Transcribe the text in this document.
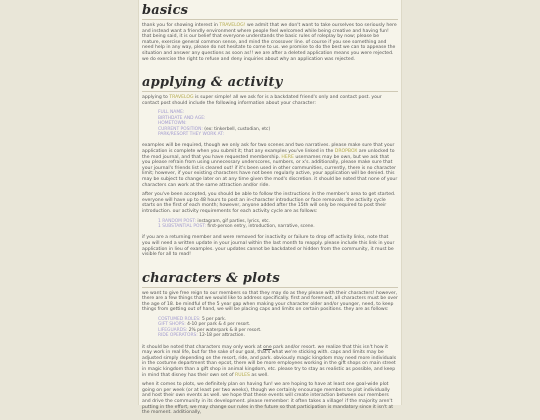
basics

thank you for showing interest in TRAVELOG! we admit that we don't want to take ourselves too seriously here and instead want a friendly environment where people feel welcomed while being creative and having fun! that being said, it is our belief that everyone understands the basic rules of roleplay by now; please be mature, exercise general common sense, and mind the crossover line. of course if you see something and need help in any way, please do not hesitate to come to us. we promise to do the best we can to appease the situation and answer any questions as soon as!! we are after a deleted application means you were rejected. we do exercise the right to refuse and deny inquiries about why an application was rejected.

applying & activity

applying to TRAVELOG is super simple! all we ask for is a backdated friend's only and contact post. your contact post should include the following information about your character:

FULL NAME:
BIRTHDATE AND AGE:
HOMETOWN:
CURRENT POSITION: (ex: tinkerbell, custodian, etc)
PARK/RESORT THEY WORK AT:

examples will be required, though we only ask for two scenes and two narratives. please make sure that your application is complete when you submit it; that any examples you've linked in the DROPBOX are unlocked to the mod journal, and that you have requested membership. HERE usernames may be own, but we ask that you please refrain from using unnecessary underscores, numbers, or x's. additionally, please make sure that your journal's friends list is cleared out! if it's been used in other communities, currently, there is no character limit; however, if your existing characters have not been regularly active, your application will be denied. this may be subject to change later on at any time given the mod's discretion. it should be noted that none of your characters can work at the same attraction and/or ride.

after you've been accepted, you should be able to follow the instructions in the member's area to get started. everyone will have up to 48 hours to post an in-character introduction or face removals. the activity cycle starts on the first of each month; however, anyone added after the 15th will only be required to post their introduction. our activity requirements for each activity cycle are as follows:

1 RANDOM POST: instagram, gif parties, lyrics, etc.
1 SUBSTANTIAL POST: first-person entry, introduction, narrative, scene.

if you are a returning member and were removed for inactivity or failure to drop off activity links, note that you will need a written update in your journal within the last month to reapply. please include this link in your application in lieu of examples. your updates cannot be backdated or hidden from the community, it must be visible for all to read!

characters & plots

we want to give free reign to our members so that they may do as they please with their characters! however, there are a few things that we would like to address specifically. first and foremost, all characters must be over the age of 18. be mindful of the 5 year gap when making your character older and/or younger, need, to keep things from getting out of hand, we will be placing caps and limits on certain positions. they are as follows:

COSTUMED ROLES: 5 per park.
GIFT SHOPS: 4-10 per park & 4 per resort.
LIFEGUARDS: 2% per waterpark & 8 per resort.
RIDE OPERATORS: 12-18 per attraction.

it should be noted that characters may only work at one park and/or resort. we realize that this isn't how it may work in real life, but for the sake of our goal, that's what we're sticking with. caps and limits may be adjusted simply depending on the resort, ride, and park. obviously magic kingdom may need more individuals in the costume department than epcot, there will be more employees working in the gift shops on main street in magic kingdom than a gift shop in animal kingdom, etc. please try to stay as realistic as possible, and keep in mind that disney has their own set of RULES as well.

when it comes to plots, we definitely plan on having fun! we are hoping to have at least one goal-wide plot going on per week (or at least per two weeks), though we certainly encourage members to plot individually and host their own events as well. we hope that these events will create interaction between our members and drive the community in its development. please remember: it often takes a village! if the majority aren't putting in the effort, we may change our rules in the future so that participation is mandatory since it isn't at the moment. additionally,
